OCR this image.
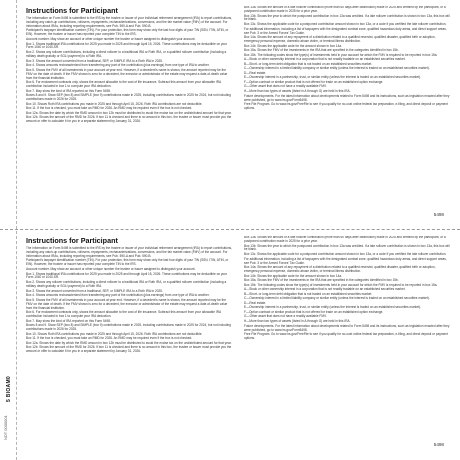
NDT 0000001
5 BIOAM0
Instructions for Participant

The information on Form 5498 is submitted to the IRS by the trustee or issuer of your individual retirement arrangement (IRA) to report contributions, including any catch-up contributions, rollovers, repayments, recharacterizations, conversions, and the fair market value (FMV) of the account. For information about IRAs, including reporting requirements, see Pub. 590-A and Pub. 590-B.

Participant's taxpayer identification number (TIN). For your protection, this form may show only the last four digits of your TIN (SSN, ITIN, ATIN, or EIN). However, the trustee or issuer has reported your complete TIN to the IRS.

Account number. May show an account or other unique number the trustee or issuer assigned to distinguish your account.

Box 1. Shows traditional IRA contributions for 2025 you made in 2025 and through April 15, 2026. These contributions may be deductible on your Form 1040 or 1040-SR.

Box 2. Shows any rollover contributions, including a direct rollover to a traditional IRA or Roth IRA, or a qualified rollover contribution (including a military death gratuity or SGLI payment) to a Roth IRA.

Box 3. Shows the amount converted from a traditional, SEP, or SIMPLE IRA to a Roth IRA in 2025.

Box 4. Shows amounts recharacterized from transferring any part of the contribution (plus earnings) from one type of IRA to another.

Box 5. Shows the FMV of all investments in your account at year end. However, if a decedent's name is shown, the amount reported may be the FMV on the date of death. If the FMV shown is zero for a decedent, the executor or administrator of the estate may request a date-of-death value from the financial institution.

Box 6. For endowment contracts only, shows the amount allocable to the cost of life insurance. Subtract this amount from your allowable IRA contribution included in box 1 to compute your IRA deduction.

Box 7. May show the kind of IRA reported on this Form 5498.

Boxes 8 and 9. Show SEP (box 8) and SIMPLE (box 9) contributions made in 2025, including contributions made in 2025 for 2024, but not including contributions made in 2026 for 2025.

Box 10. Shows Roth IRA contributions you made in 2025 and through April 15, 2026. Roth IRA contributions are not deductible.

Box 11. If the box is checked, you must take an RMD for 2026. An RMD may be required even if the box is not checked.

Box 12a. Shows the date by which the RMD amount in box 12b must be distributed to avoid the excise tax on the undistributed amount for that year.

Box 12b. Shows the amount of the RMD for 2026. If box 11 is checked and there is no amount in this box, the trustee or issuer must provide you the amount or offer to calculate it for you in a separate statement by January 31, 2026.

Box 13a. Shows the amount of a late rollover contribution (more than 60 days after distribution) made in 2025 and certified by the participant, or a postponed contribution made in 2025 for a prior year.

Box 13b. Shows the year to which the postponed contribution in box 13a was credited. If a late rollover contribution is shown in box 13a, this box will be blank.

Box 13c. Shows the applicable code for a postponed contribution amount shown in box 13a, or a code if you certified the late rollover contribution.

For additional information, including a list of taxpayers with the designated combat zone, qualified hazardous duty areas, and direct support areas, see Pub. 3 or the Armed Forces' Tax Guide.

Box 14a. Shows the amount of any repayment of a distribution related to a qualified reservist, qualified disaster, qualified birth or adoption, emergency personal expense, domestic abuse victim, or terminal illness distribution.

Box 14b. Shows the applicable code for the amount shown in box 14a.

Box 15a. Shows the FMV of the investments in the IRA that are specified in the categories identified in box 15b.

Box 15b. The following codes show the type(s) of investments held in your account for which the FMV is required to be reported in box 15a.

A—Stock or other ownership interest in a corporation that is not readily tradable on an established securities market.

B—Short- or long-term debt obligation that is not traded on an established securities market.

C—Ownership interest in a limited liability company or similar entity (unless the interest is traded on an established securities market).

D—Real estate.

E—Ownership interest in a partnership, trust, or similar entity (unless the interest is traded on an established securities market).

F—Option contract or similar product that is not offered for trade on an established option exchange.

G—Other asset that does not have a readily available FMV.

H—More than two types of assets (listed in A through G) are held in this IRA.

Future developments. For the latest information about developments related to Form 5498 and its instructions, such as legislation enacted after they were published, go to www.irs.gov/Form5498.

Free File Program. Go to www.irs.gov/FreeFile to see if you qualify for no-cost online federal tax preparation, e-filing, and direct deposit or payment options.

5498
Instructions for Participant

The information on Form 5498 is submitted to the IRS by the trustee or issuer of your individual retirement arrangement (IRA) to report contributions, including any catch-up contributions, rollovers, repayments, recharacterizations, conversions, and the fair market value (FMV) of the account. For information about IRAs, including reporting requirements, see Pub. 590-A and Pub. 590-B.

Participant's taxpayer identification number (TIN). For your protection, this form may show only the last four digits of your TIN (SSN, ITIN, ATIN, or EIN). However, the trustee or issuer has reported your complete TIN to the IRS.

Account number. May show an account or other unique number the trustee or issuer assigned to distinguish your account.

Box 1. Shows traditional IRA contributions for 2025 you made in 2025 and through April 15, 2026. These contributions may be deductible on your Form 1040 or 1040-SR.

Box 2. Shows any rollover contributions, including a direct rollover to a traditional IRA or Roth IRA, or a qualified rollover contribution (including a military death gratuity or SGLI payment) to a Roth IRA.

Box 3. Shows the amount converted from a traditional, SEP, or SIMPLE IRA to a Roth IRA in 2025.

Box 4. Shows amounts recharacterized from transferring any part of the contribution (plus earnings) from one type of IRA to another.

Box 5. Shows the FMV of all investments in your account at year end. However, if a decedent's name is shown, the amount reported may be the FMV on the date of death. If the FMV shown is zero for a decedent, the executor or administrator of the estate may request a date-of-death value from the financial institution.

Box 6. For endowment contracts only, shows the amount allocable to the cost of life insurance. Subtract this amount from your allowable IRA contribution included in box 1 to compute your IRA deduction.

Box 7. May show the kind of IRA reported on this Form 5498.

Boxes 8 and 9. Show SEP (box 8) and SIMPLE (box 9) contributions made in 2025, including contributions made in 2025 for 2024, but not including contributions made in 2026 for 2025.

Box 10. Shows Roth IRA contributions you made in 2025 and through April 15, 2026. Roth IRA contributions are not deductible.

Box 11. If the box is checked, you must take an RMD for 2026. An RMD may be required even if the box is not checked.

Box 12a. Shows the date by which the RMD amount in box 12b must be distributed to avoid the excise tax on the undistributed amount for that year.

Box 12b. Shows the amount of the RMD for 2026. If box 11 is checked and there is no amount in this box, the trustee or issuer must provide you the amount or offer to calculate it for you in a separate statement by January 31, 2026.

Box 13a. Shows the amount of a late rollover contribution (more than 60 days after distribution) made in 2025 and certified by the participant, or a postponed contribution made in 2025 for a prior year.

Box 13b. Shows the year to which the postponed contribution in box 13a was credited. If a late rollover contribution is shown in box 13a, this box will be blank.

Box 13c. Shows the applicable code for a postponed contribution amount shown in box 13a, or a code if you certified the late rollover contribution.

For additional information, including a list of taxpayers with the designated combat zone, qualified hazardous duty areas, and direct support areas, see Pub. 3 or the Armed Forces' Tax Guide.

Box 14a. Shows the amount of any repayment of a distribution related to a qualified reservist, qualified disaster, qualified birth or adoption, emergency personal expense, domestic abuse victim, or terminal illness distribution.

Box 14b. Shows the applicable code for the amount shown in box 14a.

Box 15a. Shows the FMV of the investments in the IRA that are specified in the categories identified in box 15b.

Box 15b. The following codes show the type(s) of investments held in your account for which the FMV is required to be reported in box 15a.

A—Stock or other ownership interest in a corporation that is not readily tradable on an established securities market.

B—Short- or long-term debt obligation that is not traded on an established securities market.

C—Ownership interest in a limited liability company or similar entity (unless the interest is traded on an established securities market).

D—Real estate.

E—Ownership interest in a partnership, trust, or similar entity (unless the interest is traded on an established securities market).

F—Option contract or similar product that is not offered for trade on an established option exchange.

G—Other asset that does not have a readily available FMV.

H—More than two types of assets (listed in A through G) are held in this IRA.

Future developments. For the latest information about developments related to Form 5498 and its instructions, such as legislation enacted after they were published, go to www.irs.gov/Form5498.

Free File Program. Go to www.irs.gov/FreeFile to see if you qualify for no-cost online federal tax preparation, e-filing, and direct deposit or payment options.

5498
